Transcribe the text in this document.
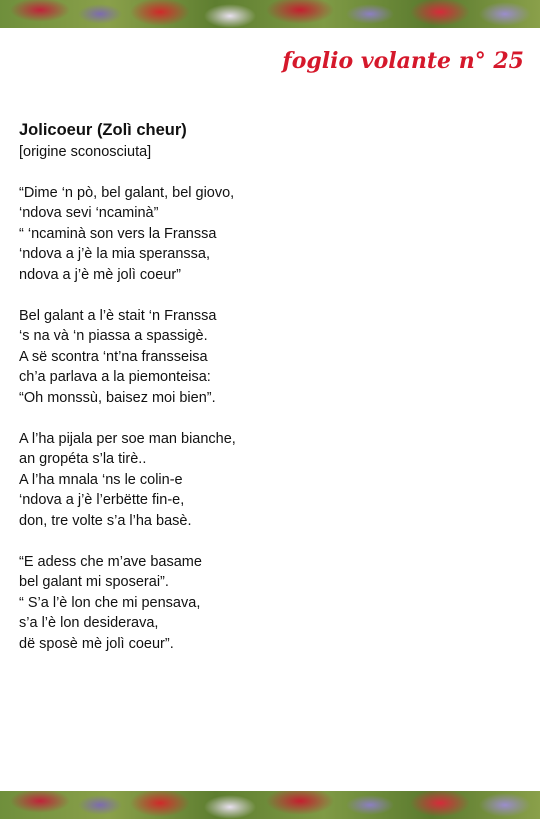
foglio volante n° 25
Jolicoeur (Zolì cheur)

[origine sconosciuta]

“Dime ‘n pò, bel galant, bel giovo,
‘ndova sevi ‘ncaminà”
“ ‘ncaminà son vers la Franssa
‘ndova a j’è la mia speranssa,
ndova a j’è mè jolì coeur”
Bel galant a l’è stait ‘n Franssa
‘s na và ‘n piassa a spassigè.
A së scontra ‘nt’na fransseisa
ch’a parlava a la piemonteisa:
“Oh monssù, baisez moi bien”.
A l’ha pijala per soe man bianche,
an gropéta s’la tirè..
A l’ha mnala ‘ns le colin-e
‘ndova a j’è l’erbëtte fin-e,
don, tre volte s’a l’ha basè.
“E adess che m’ave basame
bel galant mi sposerai”.
“ S’a l’è lon che mi pensava,
s’a l’è lon desiderava,
dë sposè mè jolì coeur”.
